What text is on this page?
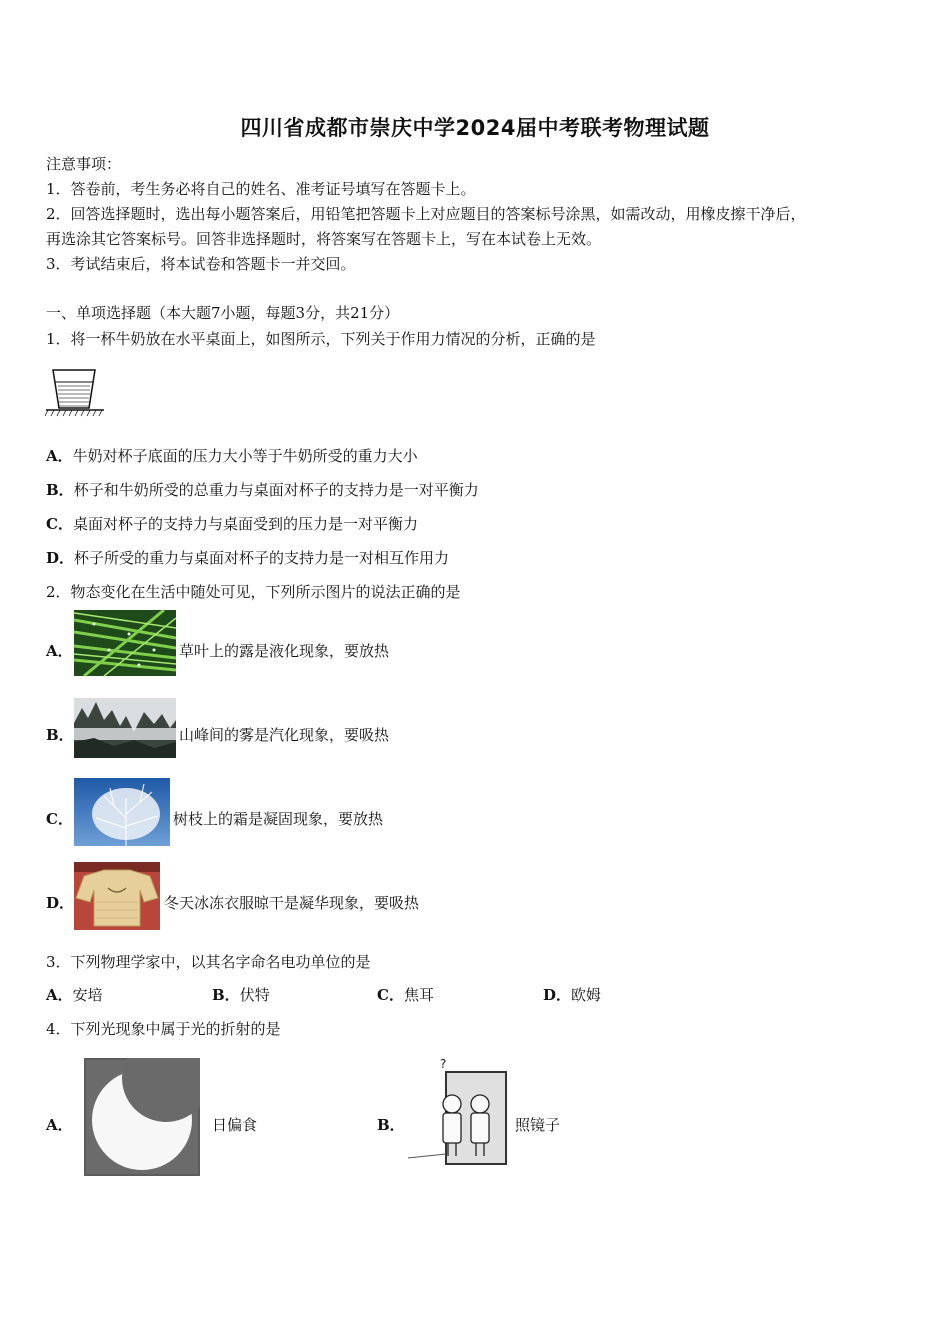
四川省成都市崇庆中学2024届中考联考物理试题
注意事项：
1．答卷前，考生务必将自己的姓名、准考证号填写在答题卡上。
2．回答选择题时，选出每小题答案后，用铅笔把答题卡上对应题目的答案标号涂黑，如需改动，用橡皮擦干净后，
再选涂其它答案标号。回答非选择题时，将答案写在答题卡上，写在本试卷上无效。
3．考试结束后，将本试卷和答题卡一并交回。
一、单项选择题（本大题7小题，每题3分，共21分）
1．将一杯牛奶放在水平桌面上，如图所示，下列关于作用力情况的分析，正确的是
A．牛奶对杯子底面的压力大小等于牛奶所受的重力大小
B．杯子和牛奶所受的总重力与桌面对杯子的支持力是一对平衡力
C．桌面对杯子的支持力与桌面受到的压力是一对平衡力
D．杯子所受的重力与桌面对杯子的支持力是一对相互作用力
2．物态变化在生活中随处可见，下列所示图片的说法正确的是
A．	草叶上的露是液化现象，要放热
B．	山峰间的雾是汽化现象，要吸热
C．	树枝上的霜是凝固现象，要放热
D．	冬天冰冻衣服晾干是凝华现象，要吸热
3．下列物理学家中，以其名字命名电功单位的是
A．安培	B．伏特	C．焦耳	D．欧姆
4．下列光现象中属于光的折射的是
A．	日偏食	B．
?
照镜子
